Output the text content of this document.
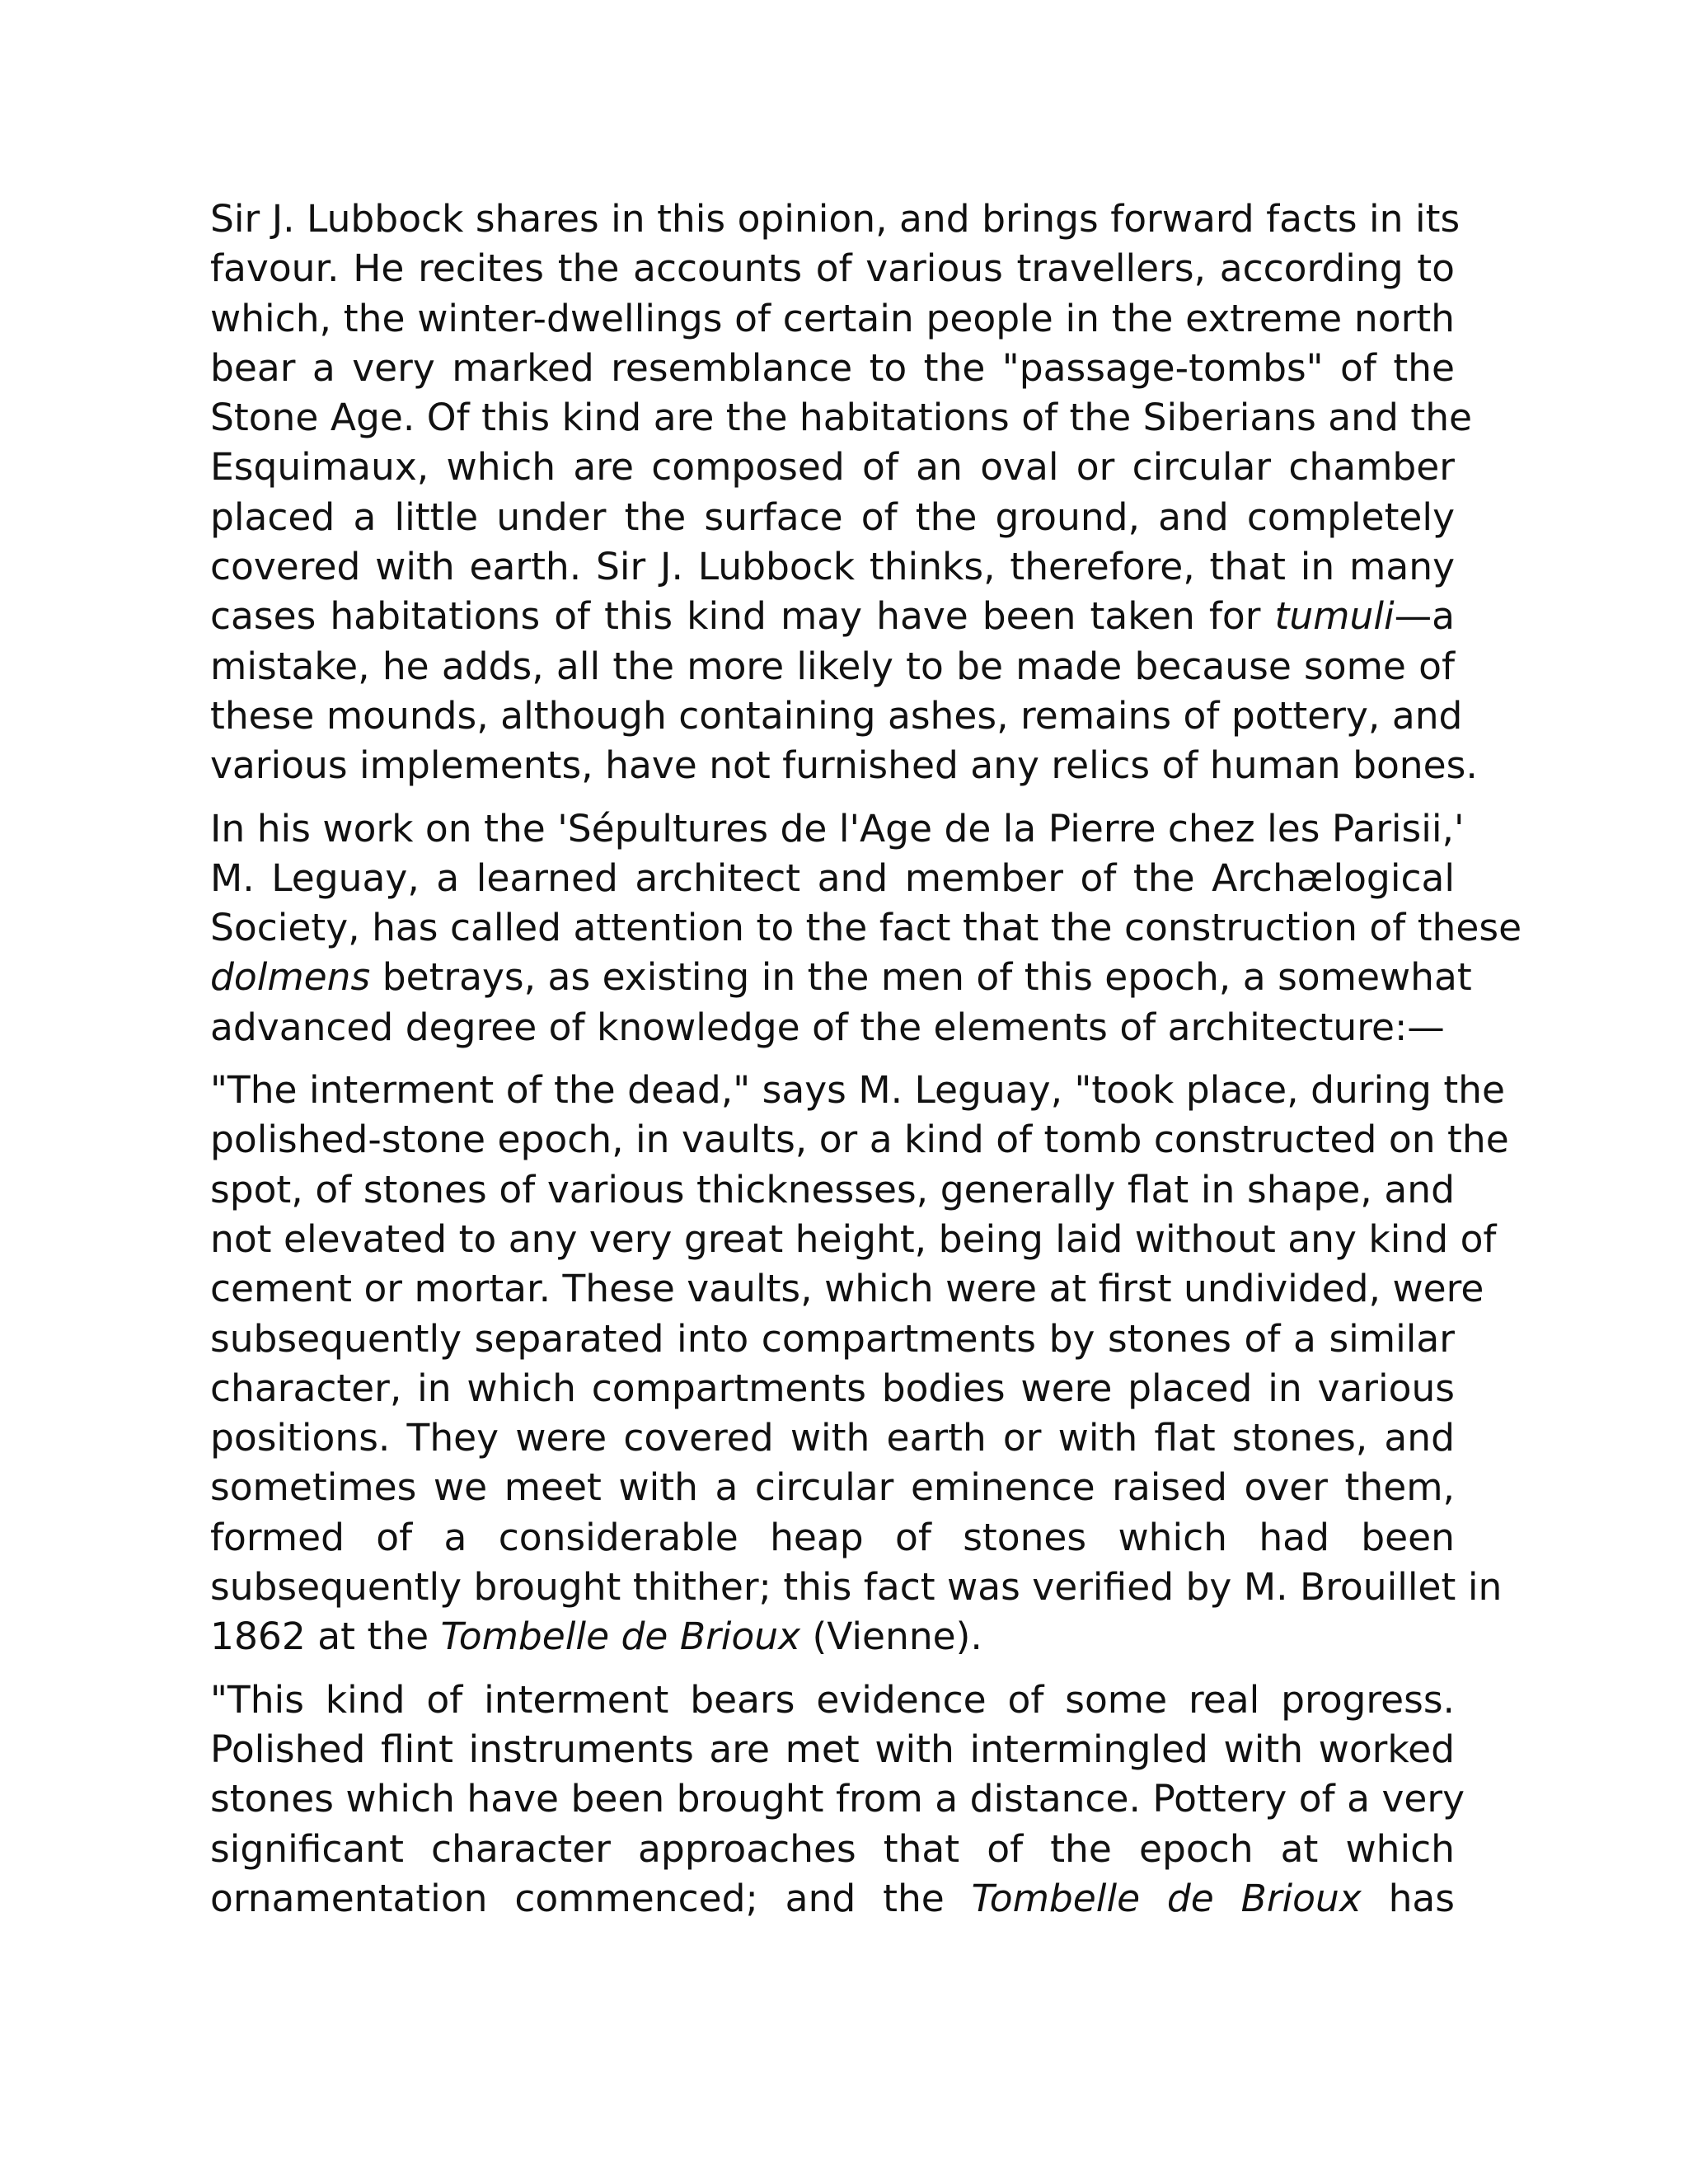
Sir J. Lubbock shares in this opinion, and brings forward facts in its
favour. He recites the accounts of various travellers, according to
which, the winter-dwellings of certain people in the extreme north
bear a very marked resemblance to the "passage-tombs" of the
Stone Age. Of this kind are the habitations of the Siberians and the
Esquimaux, which are composed of an oval or circular chamber
placed a little under the surface of the ground, and completely
covered with earth. Sir J. Lubbock thinks, therefore, that in many
cases habitations of this kind may have been taken for tumuli—a
mistake, he adds, all the more likely to be made because some of
these mounds, although containing ashes, remains of pottery, and
various implements, have not furnished any relics of human bones.
In his work on the 'Sépultures de l'Age de la Pierre chez les Parisii,'
M. Leguay, a learned architect and member of the Archælogical
Society, has called attention to the fact that the construction of these
dolmens betrays, as existing in the men of this epoch, a somewhat
advanced degree of knowledge of the elements of architecture:—
"The interment of the dead," says M. Leguay, "took place, during the
polished-stone epoch, in vaults, or a kind of tomb constructed on the
spot, of stones of various thicknesses, generally flat in shape, and
not elevated to any very great height, being laid without any kind of
cement or mortar. These vaults, which were at first undivided, were
subsequently separated into compartments by stones of a similar
character, in which compartments bodies were placed in various
positions. They were covered with earth or with flat stones, and
sometimes we meet with a circular eminence raised over them,
formed of a considerable heap of stones which had been
subsequently brought thither; this fact was verified by M. Brouillet in
1862 at the Tombelle de Brioux (Vienne).
"This kind of interment bears evidence of some real progress.
Polished flint instruments are met with intermingled with worked
stones which have been brought from a distance. Pottery of a very
significant character approaches that of the epoch at which
ornamentation commenced; and the Tombelle de Brioux has
